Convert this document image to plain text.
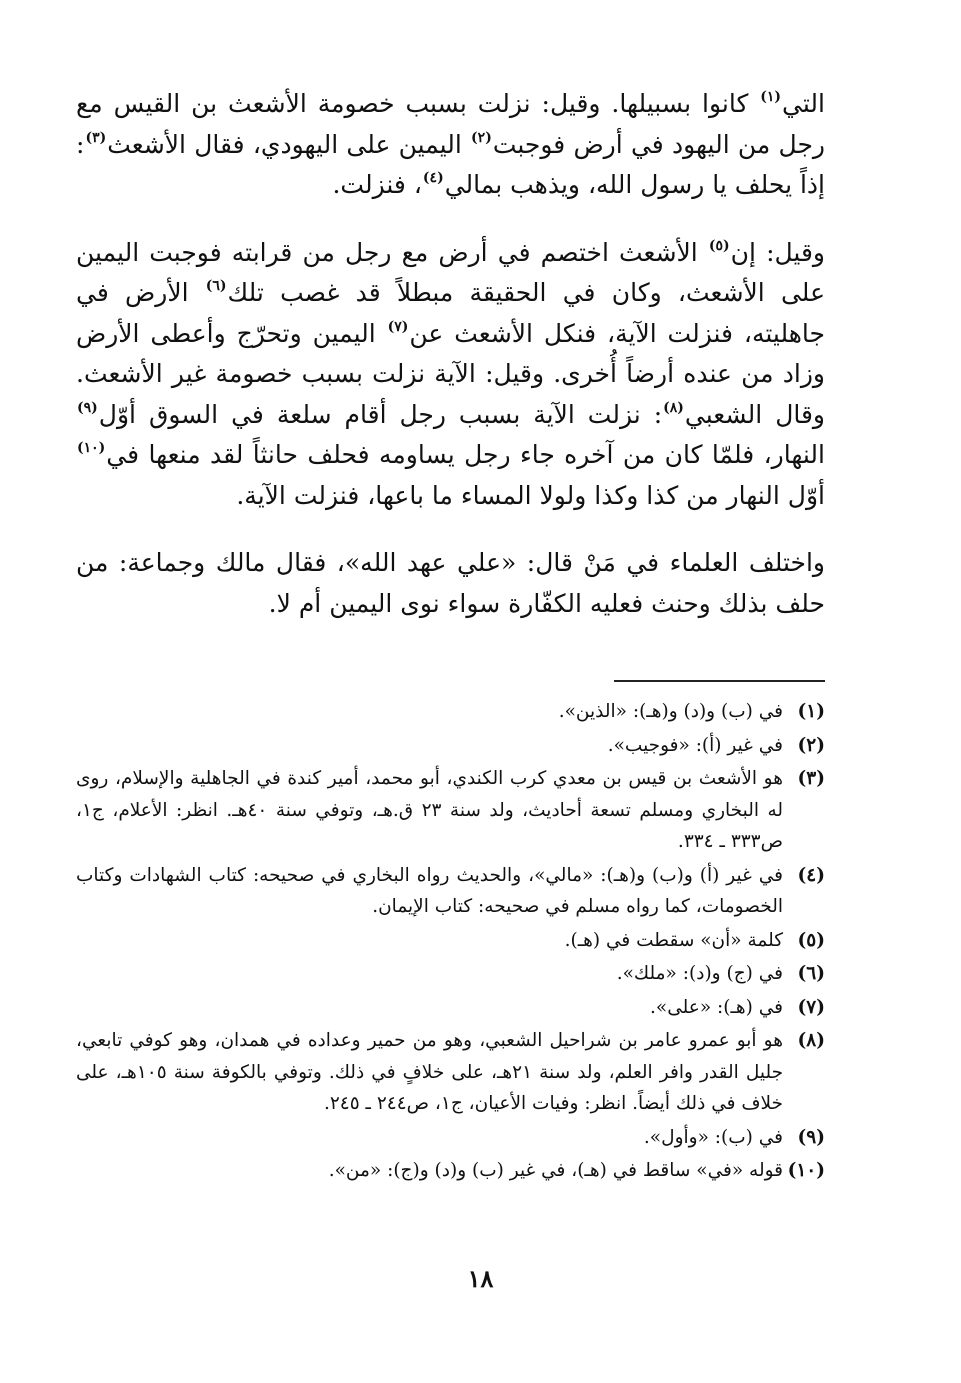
التي$^{(١)}$ كانوا بسبيلها. وقيل: نزلت بسبب خصومة الأشعث بن القيس مع رجل من اليهود في أرض فوجبت$^{(٢)}$ اليمين على اليهودي، فقال الأشعث$^{(٣)}$: إذاً يحلف يا رسول الله، ويذهب بمالي$^{(٤)}$، فنزلت.

وقيل: إن$^{(٥)}$ الأشعث اختصم في أرض مع رجل من قرابته فوجبت اليمين على الأشعث، وكان في الحقيقة مبطلاً قد غصب تلك$^{(٦)}$ الأرض في جاهليته، فنزلت الآية، فنكل الأشعث عن$^{(٧)}$ اليمين وتحرّج وأعطى الأرض وزاد من عنده أرضاً أُخرى. وقيل: الآية نزلت بسبب خصومة غير الأشعث. وقال الشعبي$^{(٨)}$: نزلت الآية بسبب رجل أقام سلعة في السوق أوّل$^{(٩)}$ النهار، فلمّا كان من آخره جاء رجل يساومه فحلف حانثاً لقد منعها في$^{(١٠)}$ أوّل النهار من كذا وكذا ولولا المساء ما باعها، فنزلت الآية.

واختلف العلماء في مَنْ قال: «علي عهد الله»، فقال مالك وجماعة: من حلف بذلك وحنث فعليه الكفّارة سواء نوى اليمين أم لا.

(١)
في (ب) و(د) و(هـ): «الذين».
(٢)
في غير (أ): «فوجيب».
(٣)
هو الأشعث بن قيس بن معدي كرب الكندي، أبو محمد، أمير كندة في الجاهلية والإسلام، روى له البخاري ومسلم تسعة أحاديث، ولد سنة ٢٣ ق.هـ، وتوفي سنة ٤٠هـ. انظر: الأعلام، ج١، ص٣٣٣ ـ ٣٣٤.
(٤)
في غير (أ) و(ب) و(هـ): «مالي»، والحديث رواه البخاري في صحيحه: كتاب الشهادات وكتاب الخصومات، كما رواه مسلم في صحيحه: كتاب الإيمان.
(٥)
كلمة «أن» سقطت في (هـ).
(٦)
في (ج) و(د): «ملك».
(٧)
في (هـ): «على».
(٨)
هو أبو عمرو عامر بن شراحيل الشعبي، وهو من حمير وعداده في همدان، وهو كوفي تابعي، جليل القدر وافر العلم، ولد سنة ٢١هـ، على خلافٍ في ذلك. وتوفي بالكوفة سنة ١٠٥هـ، على خلاف في ذلك أيضاً. انظر: وفيات الأعيان، ج١، ص٢٤٤ ـ ٢٤٥.
(٩)
في (ب): «وأول».
(١٠)
قوله «في» ساقط في (هـ)، في غير (ب) و(د) و(ج): «من».
١٨
